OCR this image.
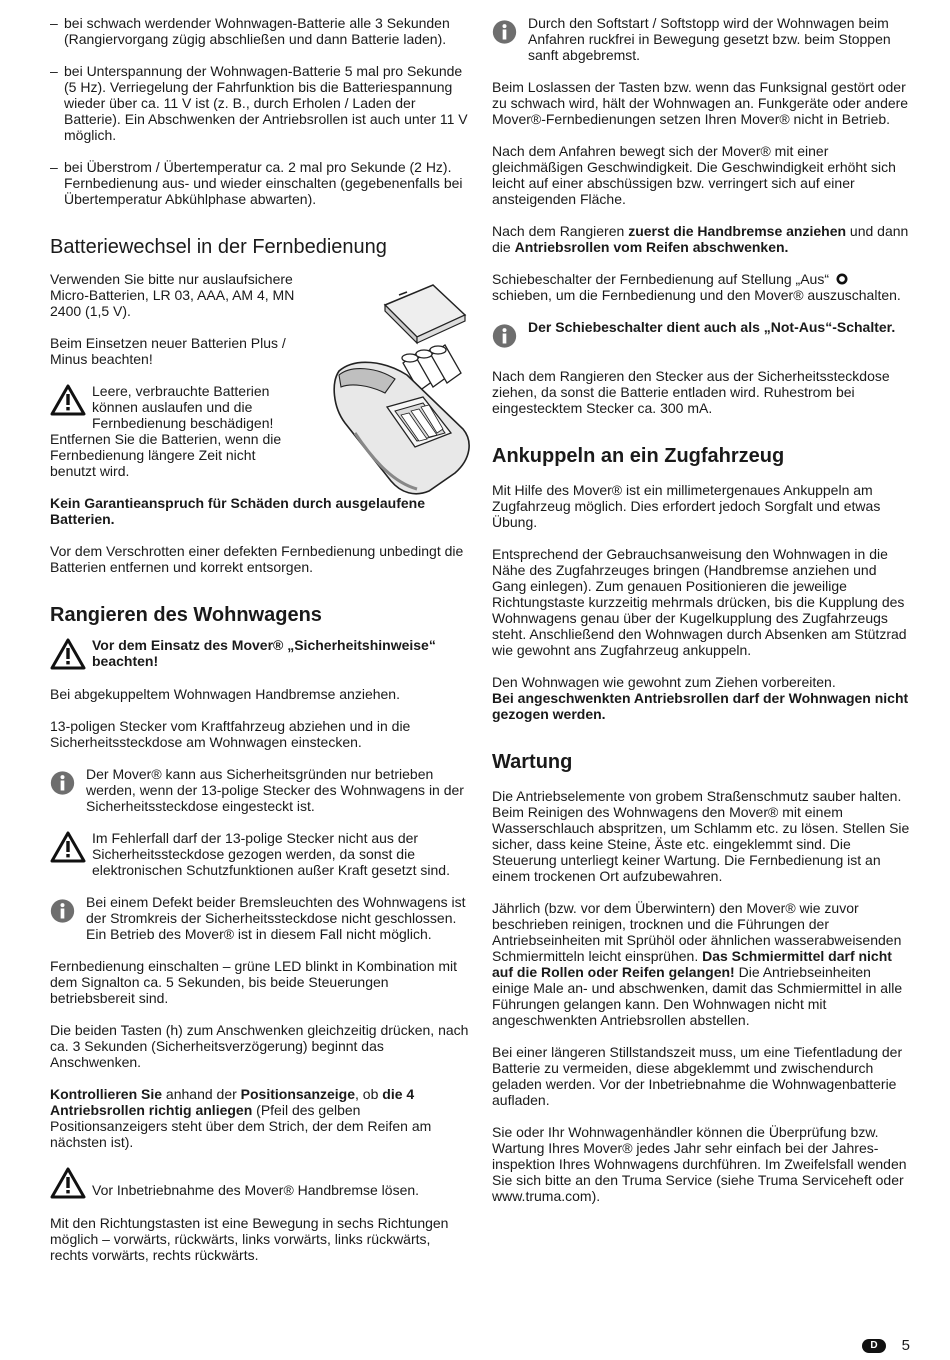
– bei schwach werdender Wohnwagen-Batterie alle 3 Sekunden (Rangiervorgang zügig abschließen und dann Batterie laden).
– bei Unterspannung der Wohnwagen-Batterie 5 mal pro Sekunde (5 Hz). Verriegelung der Fahrfunktion bis die Batteriespannung wieder über ca. 11 V ist (z. B., durch Erholen / Laden der Batterie). Ein Abschwenken der Antriebsrollen ist auch unter 11 V möglich.
– bei Überstrom / Übertemperatur ca. 2 mal pro Sekunde (2 Hz). Fernbedienung aus- und wieder einschalten (gegebenenfalls bei Übertemperatur Abkühlphase abwarten).
Batteriewechsel in der Fernbedienung

Verwenden Sie bitte nur auslaufsichere Micro-Batterien, LR 03, AAA, AM 4, MN 2400 (1,5 V).

Beim Einsetzen neuer Batterien Plus / Minus beachten!

Leere, verbrauchte Batterien können auslaufen und die Fernbedienung beschädigen! Entfernen Sie die Batterien, wenn die Fernbedienung längere Zeit nicht benutzt wird.

Kein Garantieanspruch für Schäden durch ausgelaufene Batterien.

Vor dem Verschrotten einer defekten Fernbedienung unbedingt die Batterien entfernen und korrekt entsorgen.

Rangieren des Wohnwagens
Vor dem Einsatz des Mover® „Sicherheitshinweise“ beachten!

Bei abgekuppeltem Wohnwagen Handbremse anziehen.

13-poligen Stecker vom Kraftfahrzeug abziehen und in die Sicherheitssteckdose am Wohnwagen einstecken.

Der Mover® kann aus Sicherheitsgründen nur betrieben werden, wenn der 13-polige Stecker des Wohnwagens in der Sicherheitssteckdose eingesteckt ist.
Im Fehlerfall darf der 13-polige Stecker nicht aus der Sicherheitssteckdose gezogen werden, da sonst die elektronischen Schutzfunktionen außer Kraft gesetzt sind.
Bei einem Defekt beider Bremsleuchten des Wohnwagens ist der Stromkreis der Sicherheitssteckdose nicht geschlossen. Ein Betrieb des Mover® ist in diesem Fall nicht möglich.

Fernbedienung einschalten – grüne LED blinkt in Kombination mit dem Signalton ca. 5 Sekunden, bis beide Steuerungen betriebsbereit sind.

Die beiden Tasten (h) zum Anschwenken gleichzeitig drücken, nach ca. 3 Sekunden (Sicherheitsverzögerung) beginnt das Anschwenken.

Kontrollieren Sie anhand der Positionsanzeige, ob die 4 Antriebsrollen richtig anliegen (Pfeil des gelben Positionsanzeigers steht über dem Strich, der dem Reifen am nächsten ist).

Vor Inbetriebnahme des Mover® Handbremse lösen.

Mit den Richtungstasten ist eine Bewegung in sechs Richtungen möglich – vorwärts, rückwärts, links vorwärts, links rückwärts, rechts vorwärts, rechts rückwärts.

Durch den Softstart / Softstopp wird der Wohnwagen beim Anfahren ruckfrei in Bewegung gesetzt bzw. beim Stoppen sanft abgebremst.

Beim Loslassen der Tasten bzw. wenn das Funksignal gestört oder zu schwach wird, hält der Wohnwagen an. Funkgeräte oder andere Mover®-Fernbedienungen setzen Ihren Mover® nicht in Betrieb.

Nach dem Anfahren bewegt sich der Mover® mit einer gleichmäßigen Geschwindigkeit. Die Geschwindigkeit erhöht sich leicht auf einer abschüssigen bzw. verringert sich auf einer ansteigenden Fläche.

Nach dem Rangieren zuerst die Handbremse anziehen und dann die Antriebsrollen vom Reifen abschwenken.

Schiebeschalter der Fernbedienung auf Stellung „Aus“
schieben, um die Fernbedienung und den Mover® auszuschalten.

Der Schiebeschalter dient auch als „Not-Aus“-Schalter.

Nach dem Rangieren den Stecker aus der Sicherheitssteckdose ziehen, da sonst die Batterie entladen wird. Ruhestrom bei eingestecktem Stecker ca. 300 mA.

Ankuppeln an ein Zugfahrzeug

Mit Hilfe des Mover® ist ein millimetergenaues Ankuppeln am Zugfahrzeug möglich. Dies erfordert jedoch Sorgfalt und etwas Übung.

Entsprechend der Gebrauchsanweisung den Wohnwagen in die Nähe des Zugfahrzeuges bringen (Handbremse anziehen und Gang einlegen). Zum genauen Positionieren die jeweilige Richtungstaste kurzzeitig mehrmals drücken, bis die Kupplung des Wohnwagens genau über der Kugelkupplung des Zugfahrzeugs steht. Anschließend den Wohnwagen durch Absenken am Stützrad wie gewohnt ans Zugfahrzeug ankuppeln.

Den Wohnwagen wie gewohnt zum Ziehen vorbereiten.
Bei angeschwenkten Antriebsrollen darf der Wohnwagen nicht gezogen werden.

Wartung

Die Antriebselemente von grobem Straßenschmutz sauber halten. Beim Reinigen des Wohnwagens den Mover® mit einem Wasserschlauch abspritzen, um Schlamm etc. zu lösen. Stellen Sie sicher, dass keine Steine, Äste etc. eingeklemmt sind. Die Steuerung unterliegt keiner Wartung. Die Fernbedienung ist an einem trockenen Ort aufzubewahren.

Jährlich (bzw. vor dem Überwintern) den Mover® wie zuvor beschrieben reinigen, trocknen und die Führungen der Antriebseinheiten mit Sprühöl oder ähnlichen wasserabweisenden Schmiermitteln leicht einsprühen. Das Schmiermittel darf nicht auf die Rollen oder Reifen gelangen! Die Antriebseinheiten einige Male an- und abschwenken, damit das Schmiermittel in alle Führungen gelangen kann. Den Wohnwagen nicht mit angeschwenkten Antriebsrollen abstellen.

Bei einer längeren Stillstandszeit muss, um eine Tiefentladung der Batterie zu vermeiden, diese abgeklemmt und zwischendurch geladen werden. Vor der Inbetriebnahme die Wohnwagenbatterie aufladen.

Sie oder Ihr Wohnwagenhändler können die Überprüfung bzw. Wartung Ihres Mover® jedes Jahr sehr einfach bei der Jahres-inspektion Ihres Wohnwagens durchführen. Im Zweifelsfall wenden Sie sich bitte an den Truma Service (siehe Truma Serviceheft oder www.truma.com).

D	5
